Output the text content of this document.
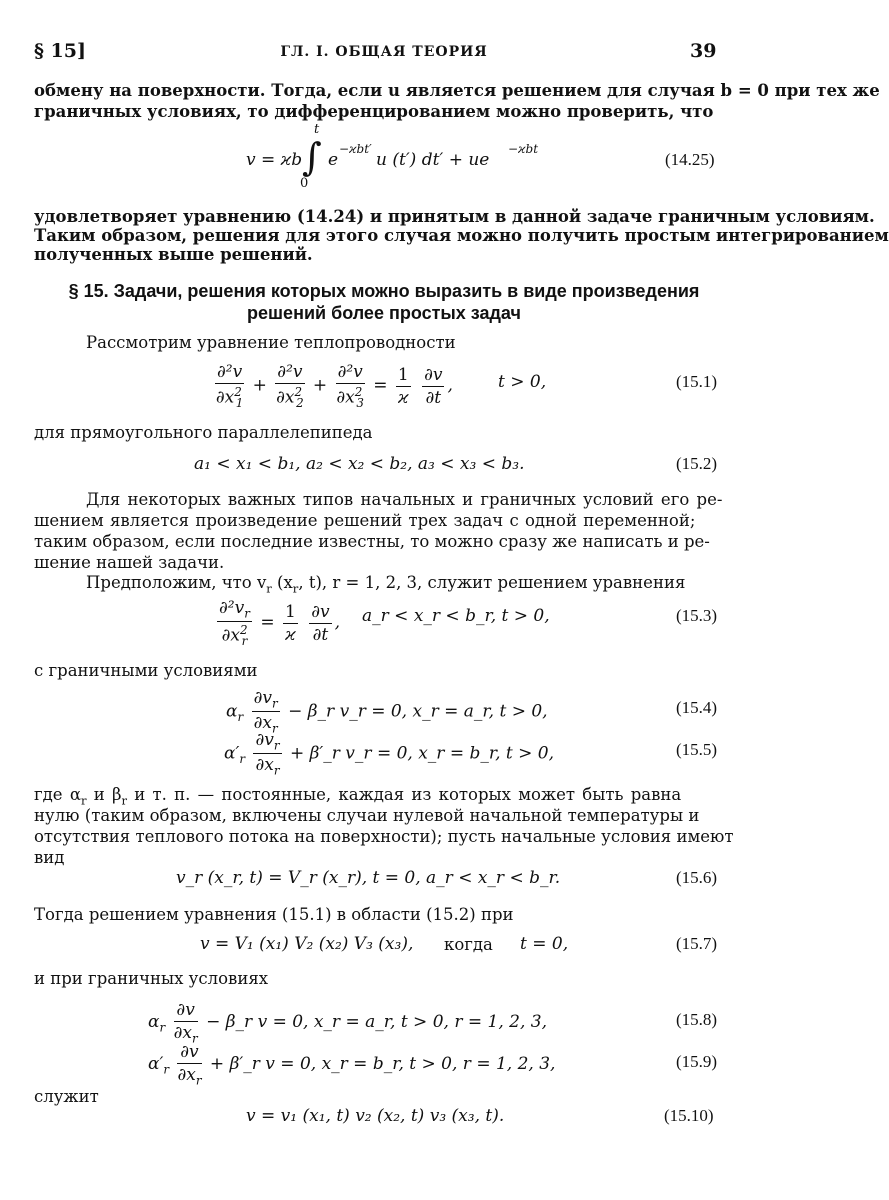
§ 15]	ГЛ. I. ОБЩАЯ ТЕОРИЯ	39
обмену на поверхности. Тогда, если u является решением для случая b = 0 при тех же
граничных условиях, то дифференцированием можно проверить, что
v = ϰb
t
∫
0
e
−ϰbt′
u (t′) dt′ + ue
−ϰbt
(14.25)
удовлетворяет уравнению (14.24) и принятым в данной задаче граничным условиям.
Таким образом, решения для этого случая можно получить простым интегрированием
полученных выше решений.
§ 15. Задачи, решения которых можно выразить в виде произведения
решений более простых задач
Рассмотрим уравнение теплопроводности
$\frac{\text{∂²v}}{\partial x^2_1} + \frac{\text{∂²v}}{\partial x^2_2} + \frac{\text{∂²v}}{\partial x^2_3} = \frac{1}{ϰ}$
$\frac{\partial v}{\partial t}$ ,	t > 0,	(15.1)
для прямоугольного параллелепипеда
a₁ < x₁ < b₁, a₂ < x₂ < b₂, a₃ < x₃ < b₃.	(15.2)
Для некоторых важных типов начальных и граничных условий его ре-
шением является произведение решений трех задач с одной переменной;
таким образом, если последние известны, то можно сразу же написать и ре-
шение нашей задачи.
Предположим, что $v_r$ ($x_r$, t), r = 1, 2, 3, служит решением уравнения
$\frac{\partial^2v_r}{\partial x^2_r} = \frac{1}{ϰ}$
$\frac{\partial v}{\partial t}$ , a_r < x_r < b_r, t > 0,	(15.3)
с граничными условиями
$\alpha_r \frac{\partial v_r}{\partial x_r}$ − β_r v_r = 0, x_r = a_r, t > 0,	(15.4)
$\alpha'_r \frac{\partial v_r}{\partial x_r}$ + β′_r v_r = 0, x_r = b_r, t > 0,	(15.5)
где $\alpha_r$ и $\beta_r$ и т. п. — постоянные, каждая из которых может быть равна
нулю (таким образом, включены случаи нулевой начальной температуры и
отсутствия теплового потока на поверхности); пусть начальные условия имеют
вид
v_r (x_r, t) = V_r (x_r), t = 0, a_r < x_r < b_r.	(15.6)
Тогда решением уравнения (15.1) в области (15.2) при
v = V₁ (x₁) V₂ (x₂) V₃ (x₃), когда	t = 0,	(15.7)
и при граничных условиях
$\alpha_r \frac{\partial v}{\partial x_r}$ − β_r v = 0, x_r = a_r, t > 0, r = 1, 2, 3,	(15.8)
$\alpha'_r \frac{\partial v}{\partial x_r}$ + β′_r v = 0, x_r = b_r, t > 0, r = 1, 2, 3,	(15.9)
служит
v = v₁ (x₁, t) v₂ (x₂, t) v₃ (x₃, t).	(15.10)
